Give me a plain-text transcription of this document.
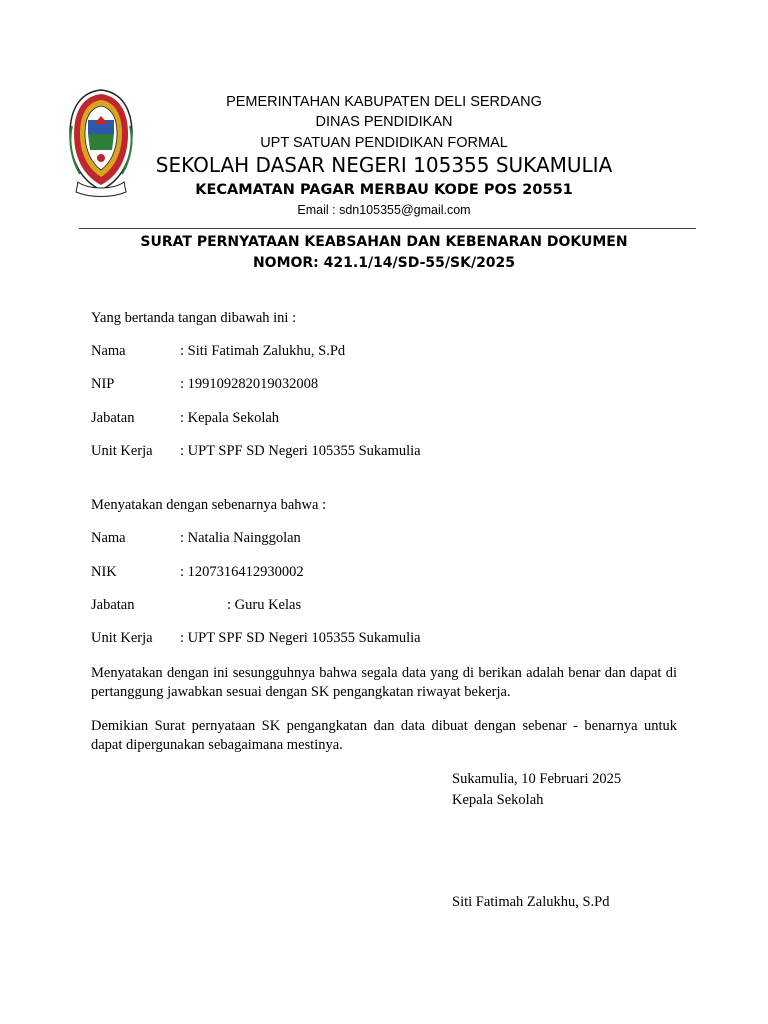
PEMERINTAHAN KABUPATEN DELI SERDANG
DINAS PENDIDIKAN
UPT SATUAN PENDIDIKAN FORMAL
SEKOLAH DASAR NEGERI 105355 SUKAMULIA
KECAMATAN PAGAR MERBAU KODE POS 20551
Email : sdn105355@gmail.com
SURAT PERNYATAAN KEABSAHAN DAN KEBENARAN DOKUMEN
NOMOR: 421.1/14/SD-55/SK/2025
Yang bertanda tangan dibawah ini :
Nama	: Siti Fatimah Zalukhu, S.Pd
NIP	: 199109282019032008
Jabatan	: Kepala Sekolah
Unit Kerja : UPT SPF SD Negeri 105355 Sukamulia
Menyatakan dengan sebenarnya bahwa :
Nama	: Natalia Nainggolan
NIK	: 1207316412930002
Jabatan	: Guru Kelas
Unit Kerja : UPT SPF SD Negeri 105355 Sukamulia
Menyatakan dengan ini sesungguhnya bahwa segala data yang di berikan adalah benar dan dapat di pertanggung jawabkan sesuai dengan SK pengangkatan riwayat bekerja.
Demikian Surat pernyataan SK pengangkatan dan data dibuat dengan sebenar - benarnya untuk dapat dipergunakan sebagaimana mestinya.
Sukamulia, 10 Februari 2025
Kepala Sekolah
Siti Fatimah Zalukhu, S.Pd
